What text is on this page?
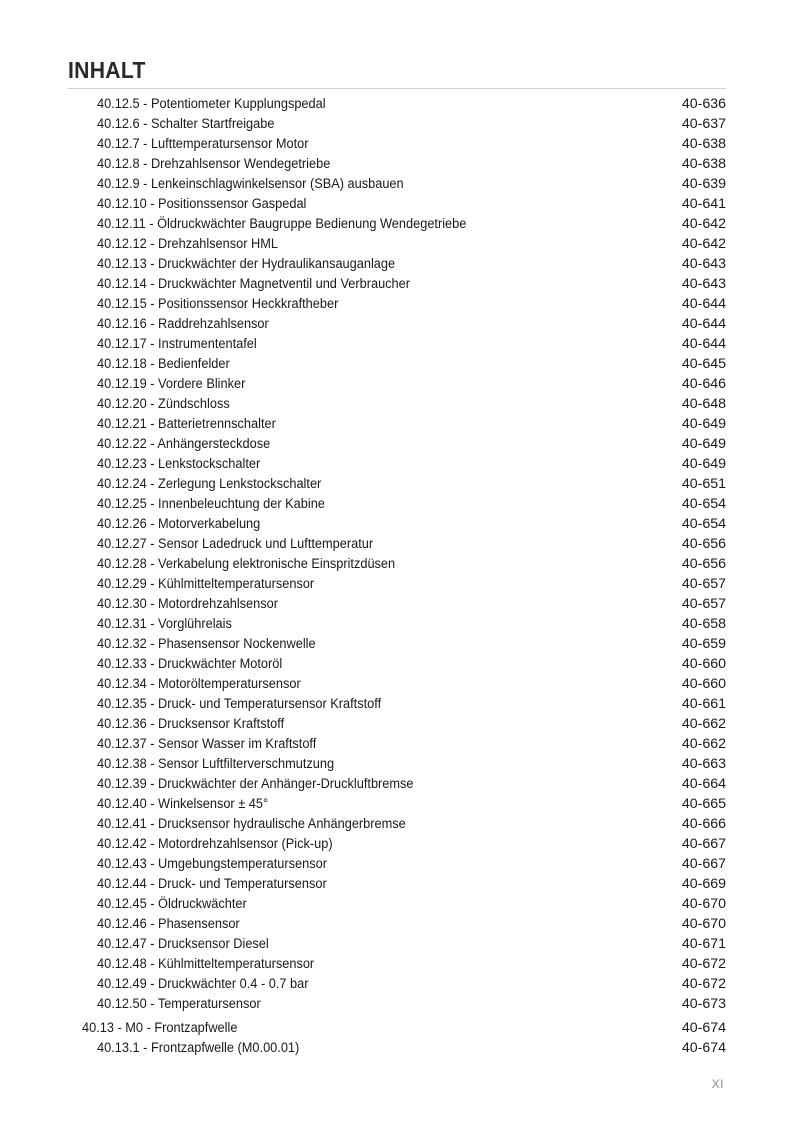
INHALT
40.12.5 - Potentiometer Kupplungspedal	40-636
40.12.6 - Schalter Startfreigabe	40-637
40.12.7 - Lufttemperatursensor Motor	40-638
40.12.8 - Drehzahlsensor Wendegetriebe	40-638
40.12.9 - Lenkeinschlagwinkelsensor (SBA) ausbauen	40-639
40.12.10 - Positionssensor Gaspedal	40-641
40.12.11 - Öldruckwächter Baugruppe Bedienung Wendegetriebe	40-642
40.12.12 - Drehzahlsensor HML	40-642
40.12.13 - Druckwächter der Hydraulikansauganlage	40-643
40.12.14 - Druckwächter Magnetventil und Verbraucher	40-643
40.12.15 - Positionssensor Heckkraftheber	40-644
40.12.16 - Raddrehzahlsensor	40-644
40.12.17 - Instrumententafel	40-644
40.12.18 - Bedienfelder	40-645
40.12.19 - Vordere Blinker	40-646
40.12.20 - Zündschloss	40-648
40.12.21 - Batterietrennschalter	40-649
40.12.22 - Anhängersteckdose	40-649
40.12.23 - Lenkstockschalter	40-649
40.12.24 - Zerlegung Lenkstockschalter	40-651
40.12.25 - Innenbeleuchtung der Kabine	40-654
40.12.26 - Motorverkabelung	40-654
40.12.27 - Sensor Ladedruck und Lufttemperatur	40-656
40.12.28 - Verkabelung elektronische Einspritzdüsen	40-656
40.12.29 - Kühlmitteltemperatursensor	40-657
40.12.30 - Motordrehzahlsensor	40-657
40.12.31 - Vorglührelais	40-658
40.12.32 - Phasensensor Nockenwelle	40-659
40.12.33 - Druckwächter Motoröl	40-660
40.12.34 - Motoröltemperatursensor	40-660
40.12.35 - Druck- und Temperatursensor Kraftstoff	40-661
40.12.36 - Drucksensor Kraftstoff	40-662
40.12.37 - Sensor Wasser im Kraftstoff	40-662
40.12.38 - Sensor Luftfilterverschmutzung	40-663
40.12.39 - Druckwächter der Anhänger-Druckluftbremse	40-664
40.12.40 - Winkelsensor ± 45°	40-665
40.12.41 - Drucksensor hydraulische Anhängerbremse	40-666
40.12.42 - Motordrehzahlsensor (Pick-up)	40-667
40.12.43 - Umgebungstemperatursensor	40-667
40.12.44 - Druck- und Temperatursensor	40-669
40.12.45 - Öldruckwächter	40-670
40.12.46 - Phasensensor	40-670
40.12.47 - Drucksensor Diesel	40-671
40.12.48 - Kühlmitteltemperatursensor	40-672
40.12.49 - Druckwächter 0.4 - 0.7 bar	40-672
40.12.50 - Temperatursensor	40-673
40.13 - M0 - Frontzapfwelle	40-674
40.13.1 - Frontzapfwelle (M0.00.01)	40-674
XI
